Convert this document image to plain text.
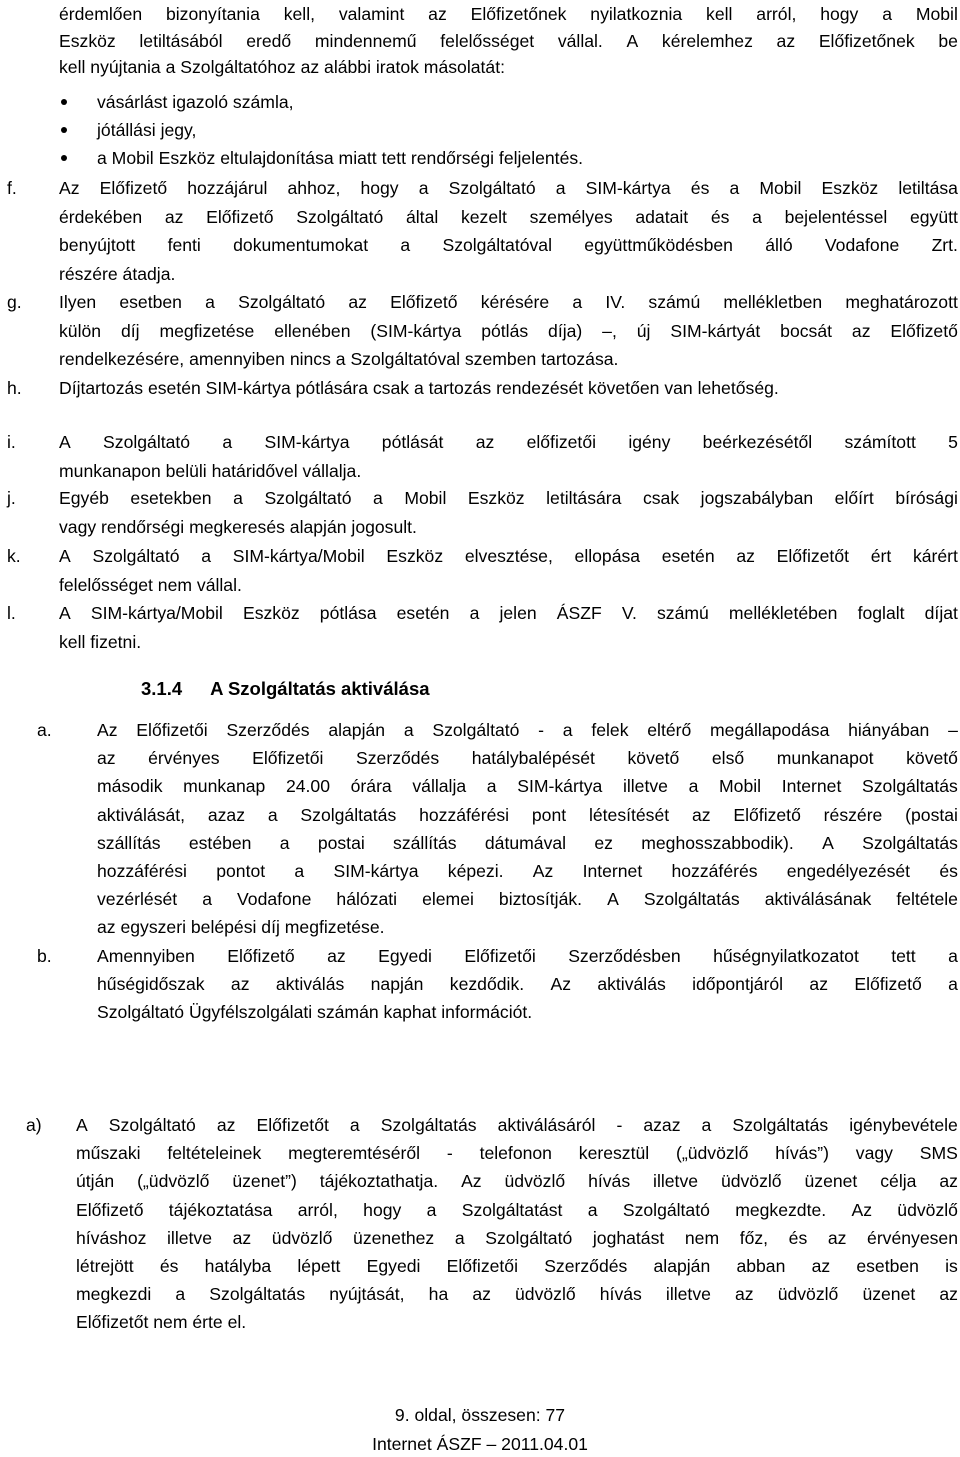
érdemlően bizonyítania kell, valamint az Előfizetőnek nyilatkoznia kell arról, hogy a Mobil
Eszköz letiltásából eredő mindennemű felelősséget vállal. A kérelemhez az Előfizetőnek be
kell nyújtania a Szolgáltatóhoz az alábbi iratok másolatát:
vásárlást igazoló számla,
jótállási jegy,
a Mobil Eszköz eltulajdonítása miatt tett rendőrségi feljelentés.
f. Az Előfizető hozzájárul ahhoz, hogy a Szolgáltató a SIM-kártya és a Mobil Eszköz letiltása
érdekében az Előfizető Szolgáltató által kezelt személyes adatait és a bejelentéssel együtt
benyújtott fenti dokumentumokat a Szolgáltatóval együttműködésben álló Vodafone Zrt.
részére átadja.
g. Ilyen esetben a Szolgáltató az Előfizető kérésére a IV. számú mellékletben meghatározott
külön díj megfizetése ellenében (SIM-kártya pótlás díja) –, új SIM-kártyát bocsát az Előfizető
rendelkezésére, amennyiben nincs a Szolgáltatóval szemben tartozása.
h. Díjtartozás esetén SIM-kártya pótlására csak a tartozás rendezését követően van lehetőség.
i. A Szolgáltató a SIM-kártya pótlását az előfizetői igény beérkezésétől számított 5
munkanapon belüli határidővel vállalja.
j. Egyéb esetekben a Szolgáltató a Mobil Eszköz letiltására csak jogszabályban előírt bírósági
vagy rendőrségi megkeresés alapján jogosult.
k. A Szolgáltató a SIM-kártya/Mobil Eszköz elvesztése, ellopása esetén az Előfizetőt ért kárért
felelősséget nem vállal.
l. A SIM-kártya/Mobil Eszköz pótlása esetén a jelen ÁSZF V. számú mellékletében foglalt díjat
kell fizetni.
3.1.4 A Szolgáltatás aktiválása
a.	Az Előfizetői Szerződés alapján a Szolgáltató - a felek eltérő megállapodása hiányában –
az érvényes Előfizetői Szerződés hatálybalépését követő első munkanapot követő
második munkanap 24.00 órára vállalja a SIM-kártya illetve a Mobil Internet Szolgáltatás
aktiválását, azaz a Szolgáltatás hozzáférési pont létesítését az Előfizető részére (postai
szállítás estében a postai szállítás dátumával ez meghosszabbodik). A Szolgáltatás
hozzáférési pontot a SIM-kártya képezi. Az Internet hozzáférés engedélyezését és
vezérlését a Vodafone hálózati elemei biztosítják. A Szolgáltatás aktiválásának feltétele
az egyszeri belépési díj megfizetése.
b.	Amennyiben Előfizető az Egyedi Előfizetői Szerződésben hűségnyilatkozatot tett a
hűségidőszak az aktiválás napján kezdődik. Az aktiválás időpontjáról az Előfizető a
Szolgáltató Ügyfélszolgálati számán kaphat információt.
a) A Szolgáltató az Előfizetőt a Szolgáltatás aktiválásáról - azaz a Szolgáltatás igénybevétele
műszaki feltételeinek megteremtéséről - telefonon keresztül („üdvözlő hívás”) vagy SMS
útján („üdvözlő üzenet”) tájékoztathatja. Az üdvözlő hívás illetve üdvözlő üzenet célja az
Előfizető tájékoztatása arról, hogy a Szolgáltatást a Szolgáltató megkezdte. Az üdvözlő
híváshoz illetve az üdvözlő üzenethez a Szolgáltató joghatást nem főz, és az érvényesen
létrejött és hatályba lépett Egyedi Előfizetői Szerződés alapján abban az esetben is
megkezdi a Szolgáltatás nyújtását, ha az üdvözlő hívás illetve az üdvözlő üzenet az
Előfizetőt nem érte el.
9. oldal, összesen: 77
Internet ÁSZF – 2011.04.01
